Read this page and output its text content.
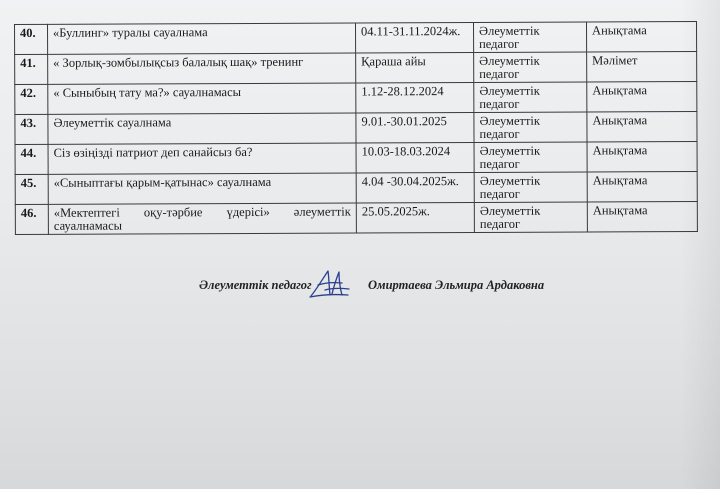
40.	«Буллинг» туралы сауалнама	04.11-31.11.2024ж.	Әлеуметтік педагог	Анықтама
41.	« Зорлық-зомбылықсыз балалық шақ» тренинг	Қараша айы	Әлеуметтік педагог	Мәлімет
42.	« Сыныбың тату ма?» сауалнамасы	1.12-28.12.2024	Әлеуметтік педагог	Анықтама
43.	Әлеуметтік сауалнама	9.01.-30.01.2025	Әлеуметтік педагог	Анықтама
44.	Сіз өзіңізді патриот деп санайсыз ба?	10.03-18.03.2024	Әлеуметтік педагог	Анықтама
45.	«Сыныптағы қарым-қатынас» сауалнама	4.04 -30.04.2025ж.	Әлеуметтік педагог	Анықтама
46.	«Мектептегі оқу-тәрбие үдерісі» әлеуметтік сауалнамасы	25.05.2025ж.	Әлеуметтік педагог	Анықтама
Әлеуметтік педагог	Омиртаева Эльмира Ардаковна
